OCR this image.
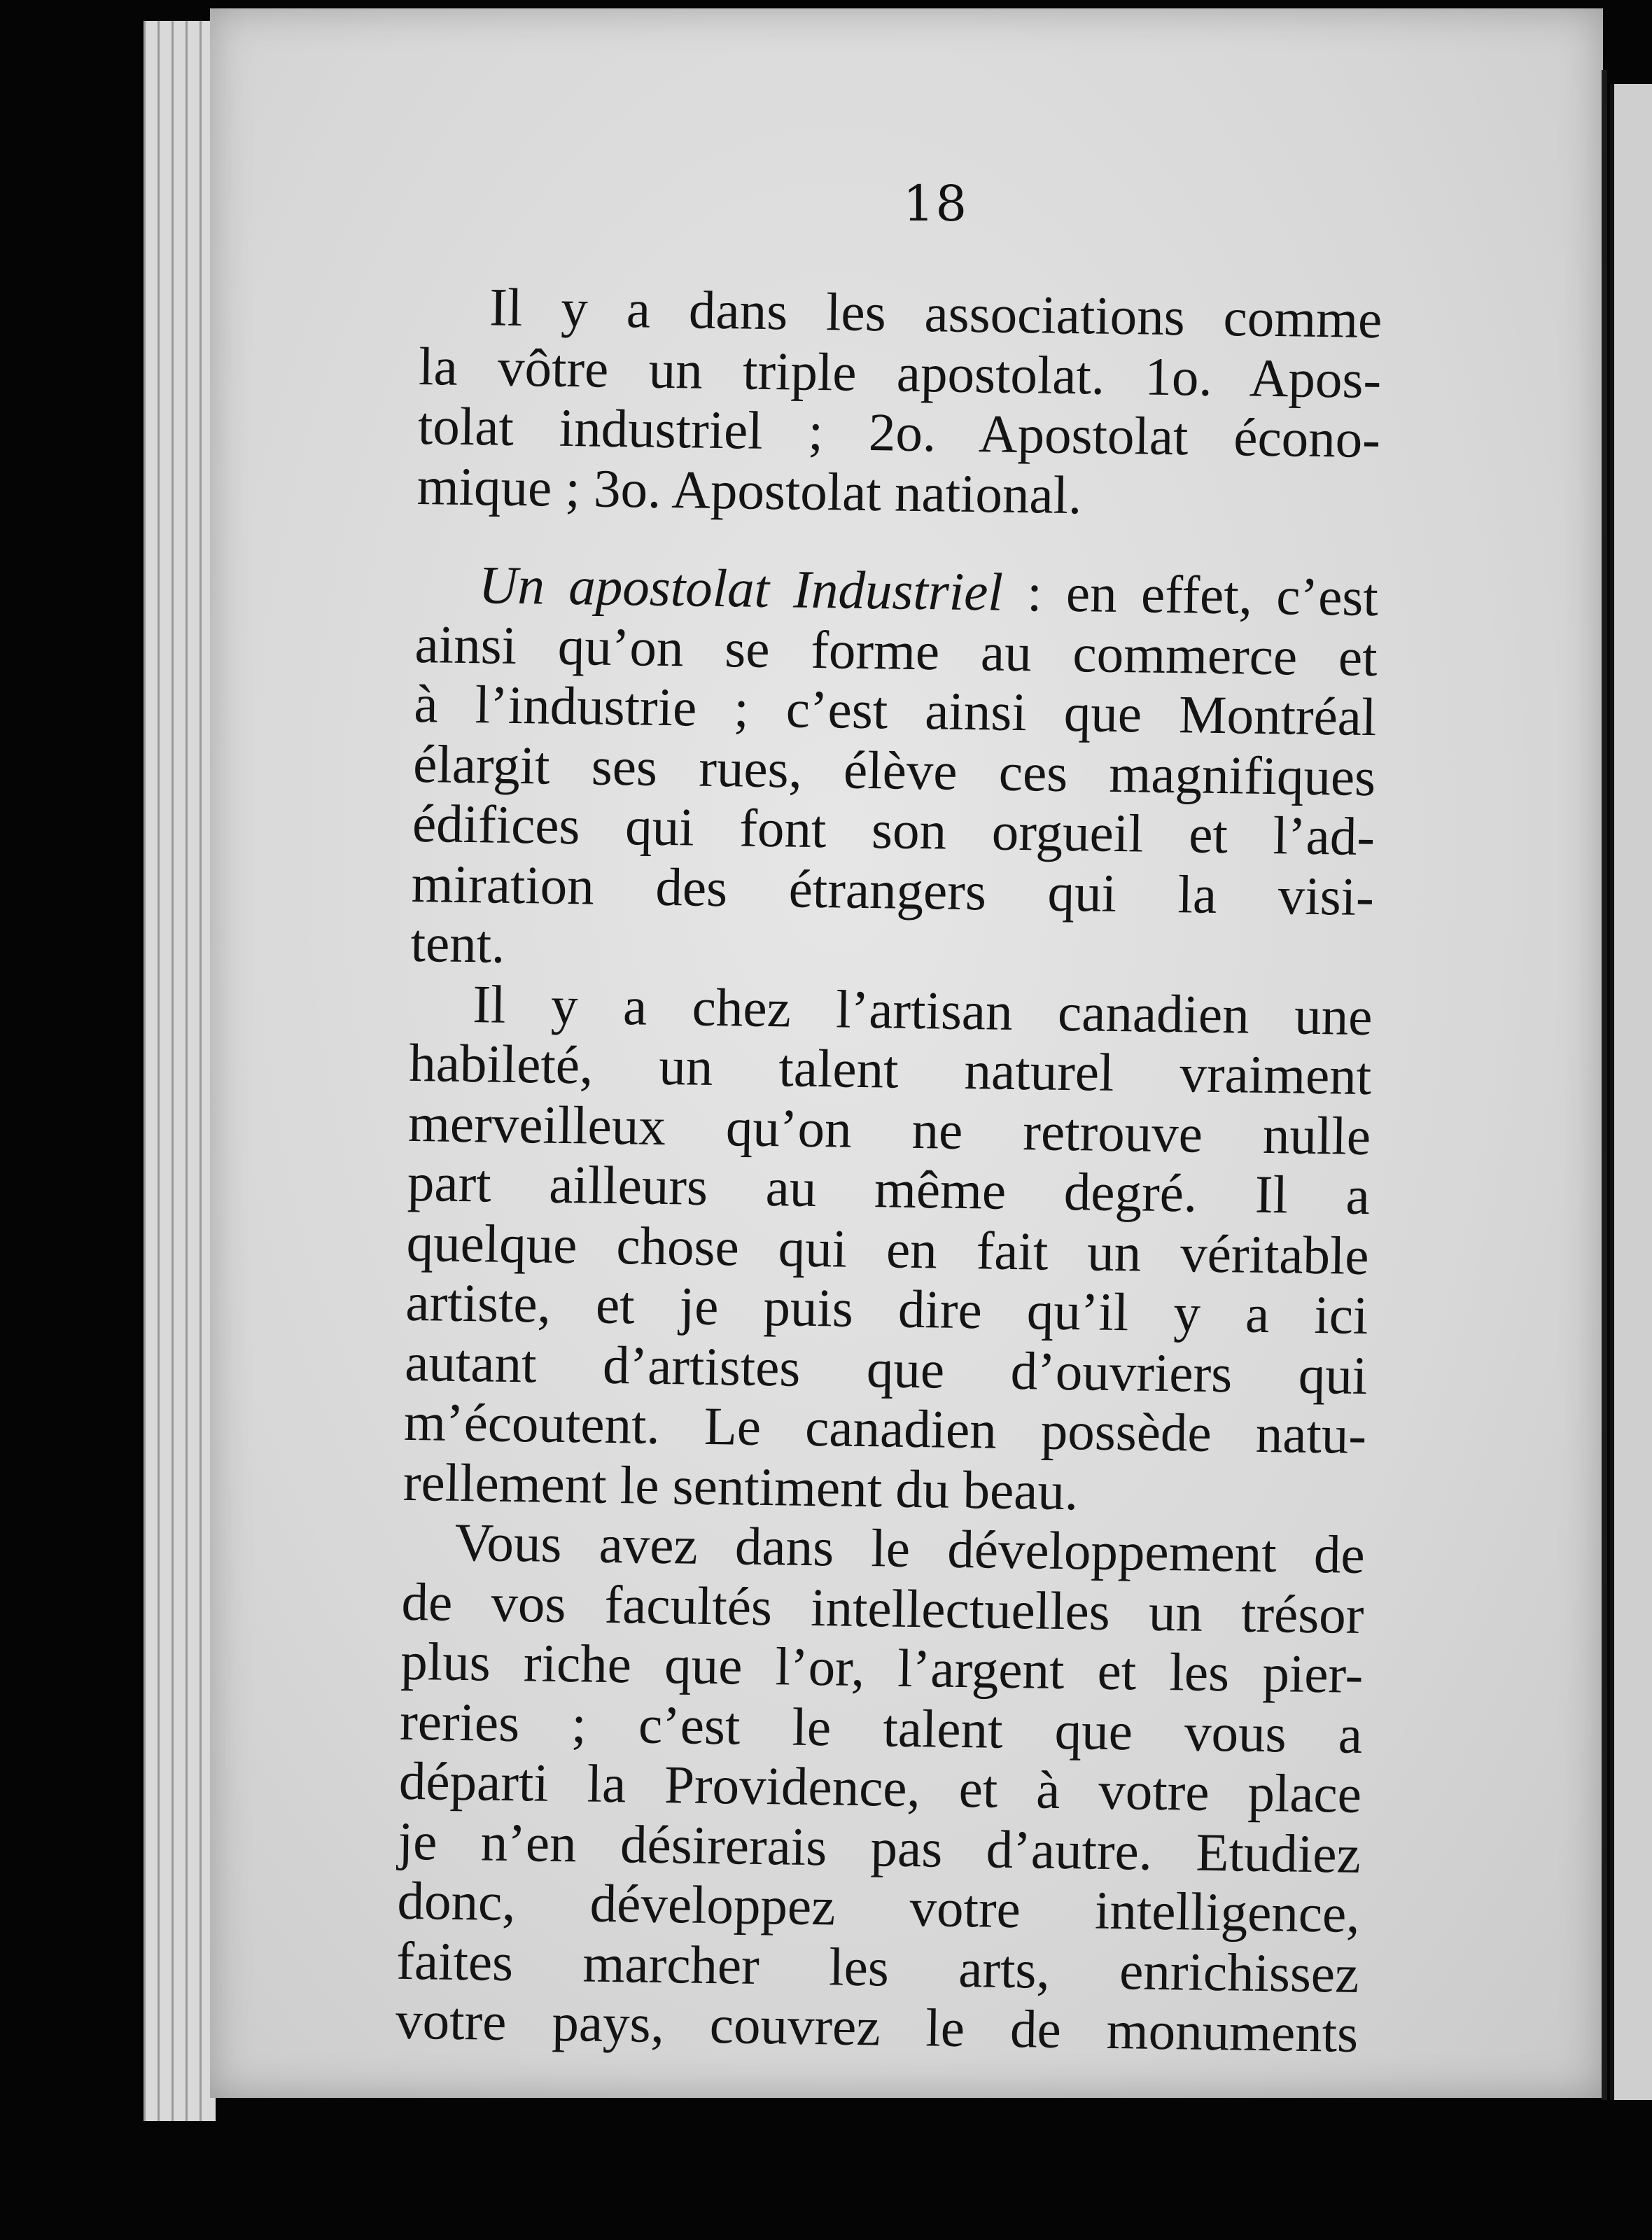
18
Il y a dans les associations comme
la vôtre un triple apostolat. 1o. Apos-
tolat industriel ; 2o. Apostolat écono-
mique ; 3o. Apostolat national.
Un apostolat Industriel : en effet, c’est
ainsi qu’on se forme au commerce et
à l’industrie ; c’est ainsi que Montréal
élargit ses rues, élève ces magnifiques
édifices qui font son orgueil et l’ad-
miration des étrangers qui la visi-
tent.
Il y a chez l’artisan canadien une
habileté, un talent naturel vraiment
merveilleux qu’on ne retrouve nulle
part ailleurs au même degré. Il a
quelque chose qui en fait un véritable
artiste, et je puis dire qu’il y a ici
autant d’artistes que d’ouvriers qui
m’écoutent. Le canadien possède natu-
rellement le sentiment du beau.
Vous avez dans le développement de
de vos facultés intellectuelles un trésor
plus riche que l’or, l’argent et les pier-
reries ; c’est le talent que vous a
départi la Providence, et à votre place
je n’en désirerais pas d’autre. Etudiez
donc, développez votre intelligence,
faites marcher les arts, enrichissez
votre pays, couvrez le de monuments
